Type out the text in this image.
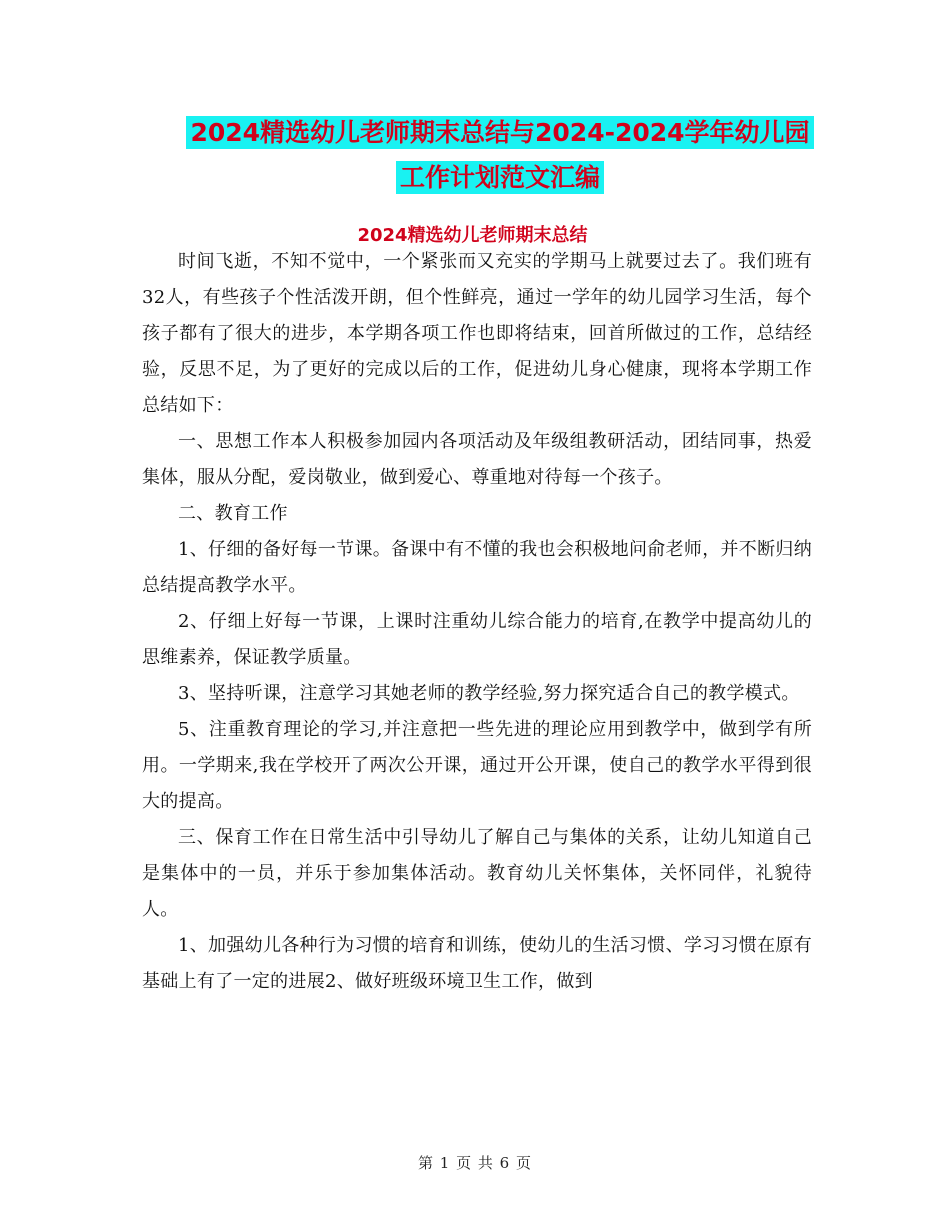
2024精选幼儿老师期末总结与2024-2024学年幼儿园
工作计划范文汇编
2024精选幼儿老师期末总结

时间飞逝，不知不觉中，一个紧张而又充实的学期马上就要过去了。我们班有32人，有些孩子个性活泼开朗，但个性鲜亮，通过一学年的幼儿园学习生活，每个孩子都有了很大的进步，本学期各项工作也即将结束，回首所做过的工作，总结经验，反思不足，为了更好的完成以后的工作，促进幼儿身心健康，现将本学期工作总结如下：

一、思想工作本人积极参加园内各项活动及年级组教研活动，团结同事，热爱集体，服从分配，爱岗敬业，做到爱心、尊重地对待每一个孩子。

二、教育工作

1、仔细的备好每一节课。备课中有不懂的我也会积极地问俞老师，并不断归纳总结提高教学水平。

2、仔细上好每一节课，上课时注重幼儿综合能力的培育,在教学中提高幼儿的思维素养，保证教学质量。

3、坚持听课，注意学习其她老师的教学经验,努力探究适合自己的教学模式。

5、注重教育理论的学习,并注意把一些先进的理论应用到教学中，做到学有所用。一学期来,我在学校开了两次公开课，通过开公开课，使自己的教学水平得到很大的提高。

三、保育工作在日常生活中引导幼儿了解自己与集体的关系，让幼儿知道自己是集体中的一员，并乐于参加集体活动。教育幼儿关怀集体，关怀同伴，礼貌待人。

1、加强幼儿各种行为习惯的培育和训练，使幼儿的生活习惯、学习习惯在原有基础上有了一定的进展2、做好班级环境卫生工作，做到

第 1 页 共 6 页
